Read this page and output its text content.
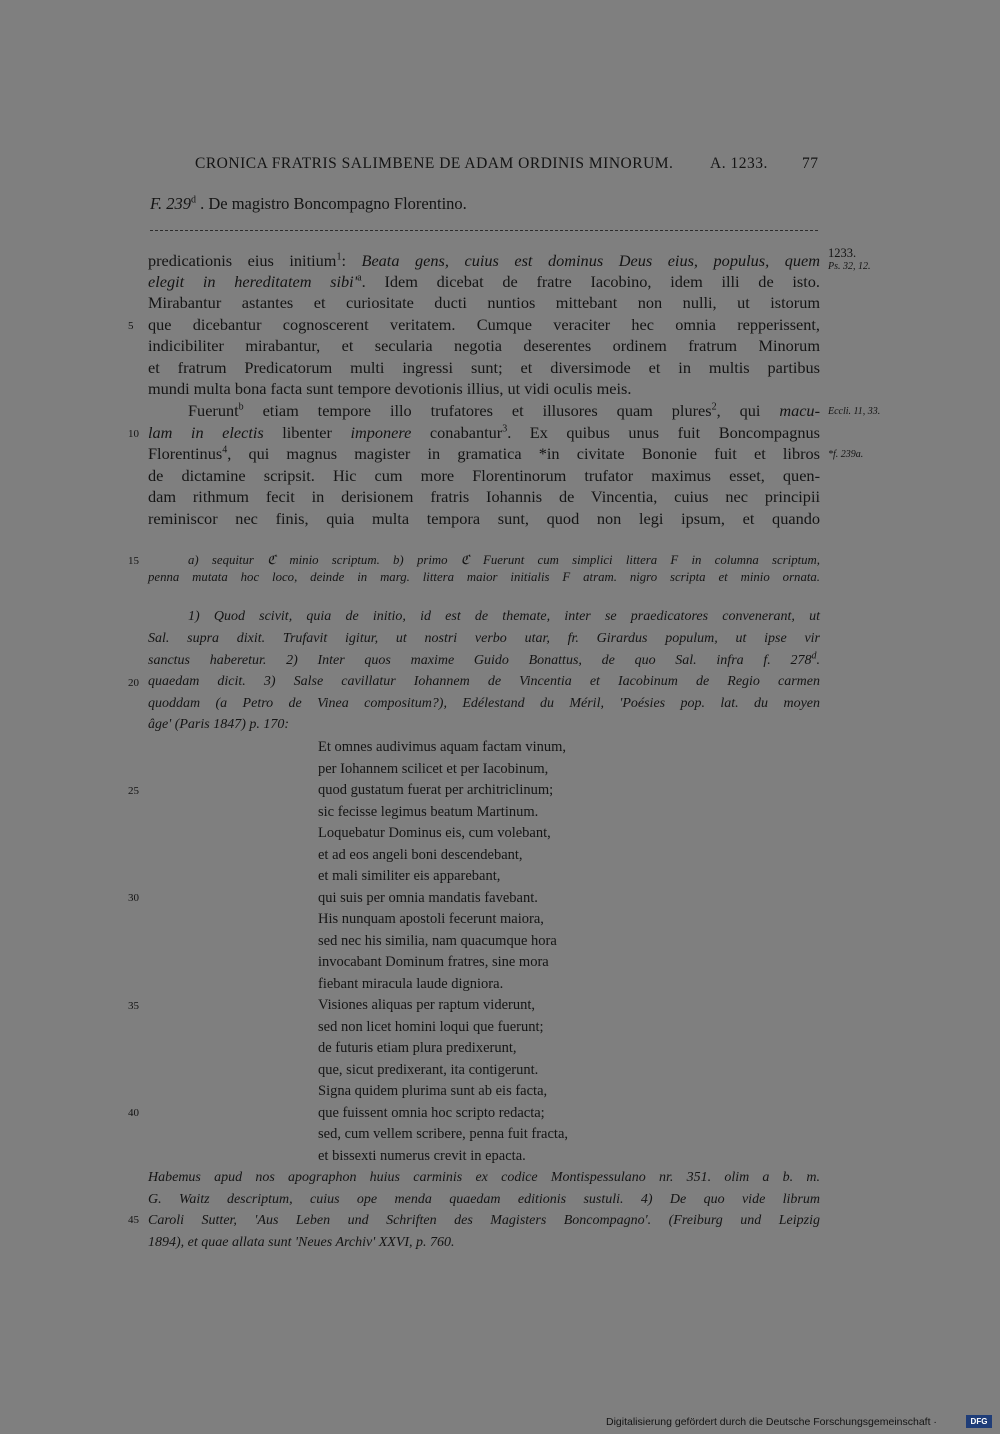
CRONICA FRATRIS SALIMBENE DE ADAM ORDINIS MINORUM. A. 1233. 77
F. 239$^d$ . De magistro Boncompagno Florentino.
1233.
Ps. 32, 12.
Eccli. 11, 33.
*f. 239a.
5
10
15
20
25
30
35
40
45
predicationis eius initium$^1$: Beata gens, cuius est dominus Deus eius, populus, quem
elegit in hereditatem $sibi'^a$. Idem dicebat de fratre Iacobino, idem illi de isto.
Mirabantur astantes et curiositate ducti nuntios mittebant non nulli, ut istorum
que dicebantur cognoscerent veritatem. Cumque veraciter hec omnia repperissent,
indicibiliter mirabantur, et secularia negotia deserentes ordinem fratrum Minorum
et fratrum Predicatorum multi ingressi sunt; et diversimode et in multis partibus
mundi multa bona facta sunt tempore devotionis illius, ut vidi oculis meis.
Fuerunt$^b$ etiam tempore illo trufatores et illusores quam plures$^2$, qui macu-
lam in electis libenter imponere conabantur$^3$. Ex quibus unus fuit Boncompagnus
Florentinus$^4$, qui magnus magister in gramatica *in civitate Bononie fuit et libros
de dictamine scripsit. Hic cum more Florentinorum trufator maximus esset, quen-
dam rithmum fecit in derisionem fratris Iohannis de Vincentia, cuius nec principii
reminiscor nec finis, quia multa tempora sunt, quod non legi ipsum, et quando
a) sequitur ℭ minio scriptum. b) primo ℭ Fuerunt cum simplici littera F in columna scriptum,
penna mutata hoc loco, deinde in marg. littera maior initialis F atram. nigro scripta et minio ornata.
1) Quod scivit, quia de initio, id est de themate, inter se praedicatores convenerant, ut
Sal. supra dixit. Trufavit igitur, ut nostri verbo utar, fr. Girardus populum, ut ipse vir
sanctus haberetur. 2) Inter quos maxime Guido Bonattus, de quo Sal. infra f. 278$^d$.
quaedam dicit. 3) Salse cavillatur Iohannem de Vincentia et Iacobinum de Regio carmen
quoddam (a Petro de Vinea compositum?), Edélestand du Méril, 'Poésies pop. lat. du moyen
âge' (Paris 1847) p. 170:
Et omnes audivimus aquam factam vinum,
per Iohannem scilicet et per Iacobinum,
quod gustatum fuerat per architriclinum;
sic fecisse legimus beatum Martinum.
Loquebatur Dominus eis, cum volebant,
et ad eos angeli boni descendebant,
et mali similiter eis apparebant,
qui suis per omnia mandatis favebant.
His nunquam apostoli fecerunt maiora,
sed nec his similia, nam quacumque hora
invocabant Dominum fratres, sine mora
fiebant miracula laude digniora.
Visiones aliquas per raptum viderunt,
sed non licet homini loqui que fuerunt;
de futuris etiam plura predixerunt,
que, sicut predixerant, ita contigerunt.
Signa quidem plurima sunt ab eis facta,
que fuissent omnia hoc scripto redacta;
sed, cum vellem scribere, penna fuit fracta,
et bissexti numerus crevit in epacta.
Habemus apud nos apographon huius carminis ex codice Montispessulano nr. 351. olim a b. m.
G. Waitz descriptum, cuius ope menda quaedam editionis sustuli. 4) De quo vide librum
Caroli Sutter, 'Aus Leben und Schriften des Magisters Boncompagno'. (Freiburg und Leipzig
1894), et quae allata sunt 'Neues Archiv' XXVI, p. 760.
Digitalisierung gefördert durch die Deutsche Forschungsgemeinschaft ·	DFG
